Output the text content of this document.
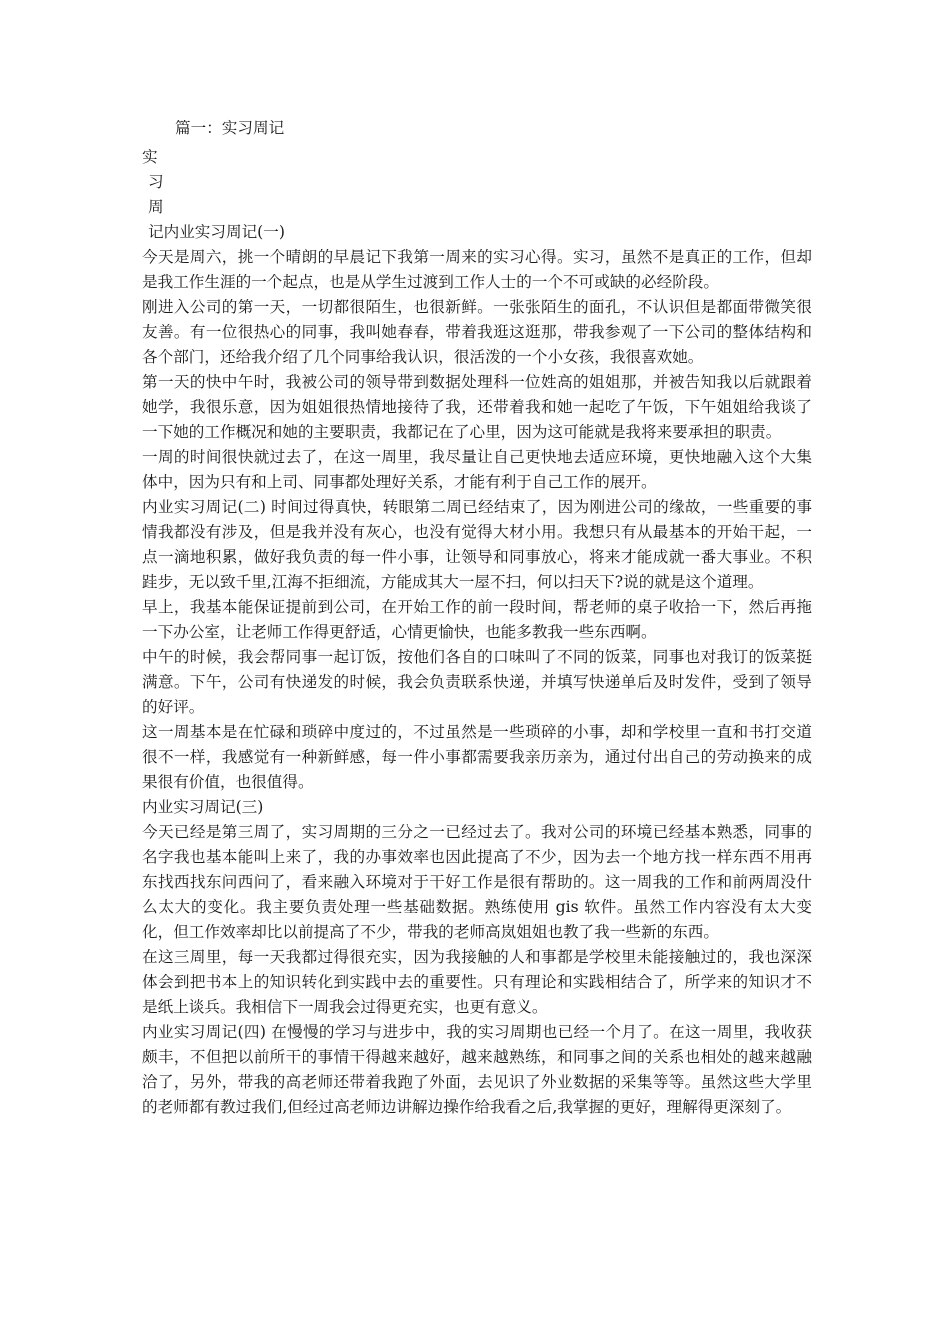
篇一：实习周记
实
习
周
记内业实习周记(一)

今天是周六，挑一个晴朗的早晨记下我第一周来的实习心得。实习，虽然不是真正的工作，但却是我工作生涯的一个起点，也是从学生过渡到工作人士的一个不可或缺的必经阶段。

刚进入公司的第一天，一切都很陌生，也很新鲜。一张张陌生的面孔，不认识但是都面带微笑很友善。有一位很热心的同事，我叫她春春，带着我逛这逛那，带我参观了一下公司的整体结构和各个部门，还给我介绍了几个同事给我认识，很活泼的一个小女孩，我很喜欢她。

第一天的快中午时，我被公司的领导带到数据处理科一位姓高的姐姐那，并被告知我以后就跟着她学，我很乐意，因为姐姐很热情地接待了我，还带着我和她一起吃了午饭，下午姐姐给我谈了一下她的工作概况和她的主要职责，我都记在了心里，因为这可能就是我将来要承担的职责。

一周的时间很快就过去了，在这一周里，我尽量让自己更快地去适应环境，更快地融入这个大集体中，因为只有和上司、同事都处理好关系，才能有利于自己工作的展开。

内业实习周记(二) 时间过得真快，转眼第二周已经结束了，因为刚进公司的缘故，一些重要的事情我都没有涉及，但是我并没有灰心，也没有觉得大材小用。我想只有从最基本的开始干起，一点一滴地积累，做好我负责的每一件小事，让领导和同事放心，将来才能成就一番大事业。不积跬步，无以致千里,江海不拒细流，方能成其大一屋不扫，何以扫天下?说的就是这个道理。

早上，我基本能保证提前到公司，在开始工作的前一段时间，帮老师的桌子收拾一下，然后再拖一下办公室，让老师工作得更舒适，心情更愉快，也能多教我一些东西啊。

中午的时候，我会帮同事一起订饭，按他们各自的口味叫了不同的饭菜，同事也对我订的饭菜挺满意。下午，公司有快递发的时候，我会负责联系快递，并填写快递单后及时发件，受到了领导的好评。

这一周基本是在忙碌和琐碎中度过的，不过虽然是一些琐碎的小事，却和学校里一直和书打交道很不一样，我感觉有一种新鲜感，每一件小事都需要我亲历亲为，通过付出自己的劳动换来的成果很有价值，也很值得。

内业实习周记(三)

今天已经是第三周了，实习周期的三分之一已经过去了。我对公司的环境已经基本熟悉，同事的名字我也基本能叫上来了，我的办事效率也因此提高了不少，因为去一个地方找一样东西不用再东找西找东问西问了，看来融入环境对于干好工作是很有帮助的。这一周我的工作和前两周没什么太大的变化。我主要负责处理一些基础数据。熟练使用 gis 软件。虽然工作内容没有太大变化，但工作效率却比以前提高了不少，带我的老师高岚姐姐也教了我一些新的东西。

在这三周里，每一天我都过得很充实，因为我接触的人和事都是学校里未能接触过的，我也深深体会到把书本上的知识转化到实践中去的重要性。只有理论和实践相结合了，所学来的知识才不是纸上谈兵。我相信下一周我会过得更充实，也更有意义。

内业实习周记(四) 在慢慢的学习与进步中，我的实习周期也已经一个月了。在这一周里，我收获颇丰，不但把以前所干的事情干得越来越好，越来越熟练，和同事之间的关系也相处的越来越融洽了，另外，带我的高老师还带着我跑了外面，去见识了外业数据的采集等等。虽然这些大学里的老师都有教过我们,但经过高老师边讲解边操作给我看之后,我掌握的更好，理解得更深刻了。
